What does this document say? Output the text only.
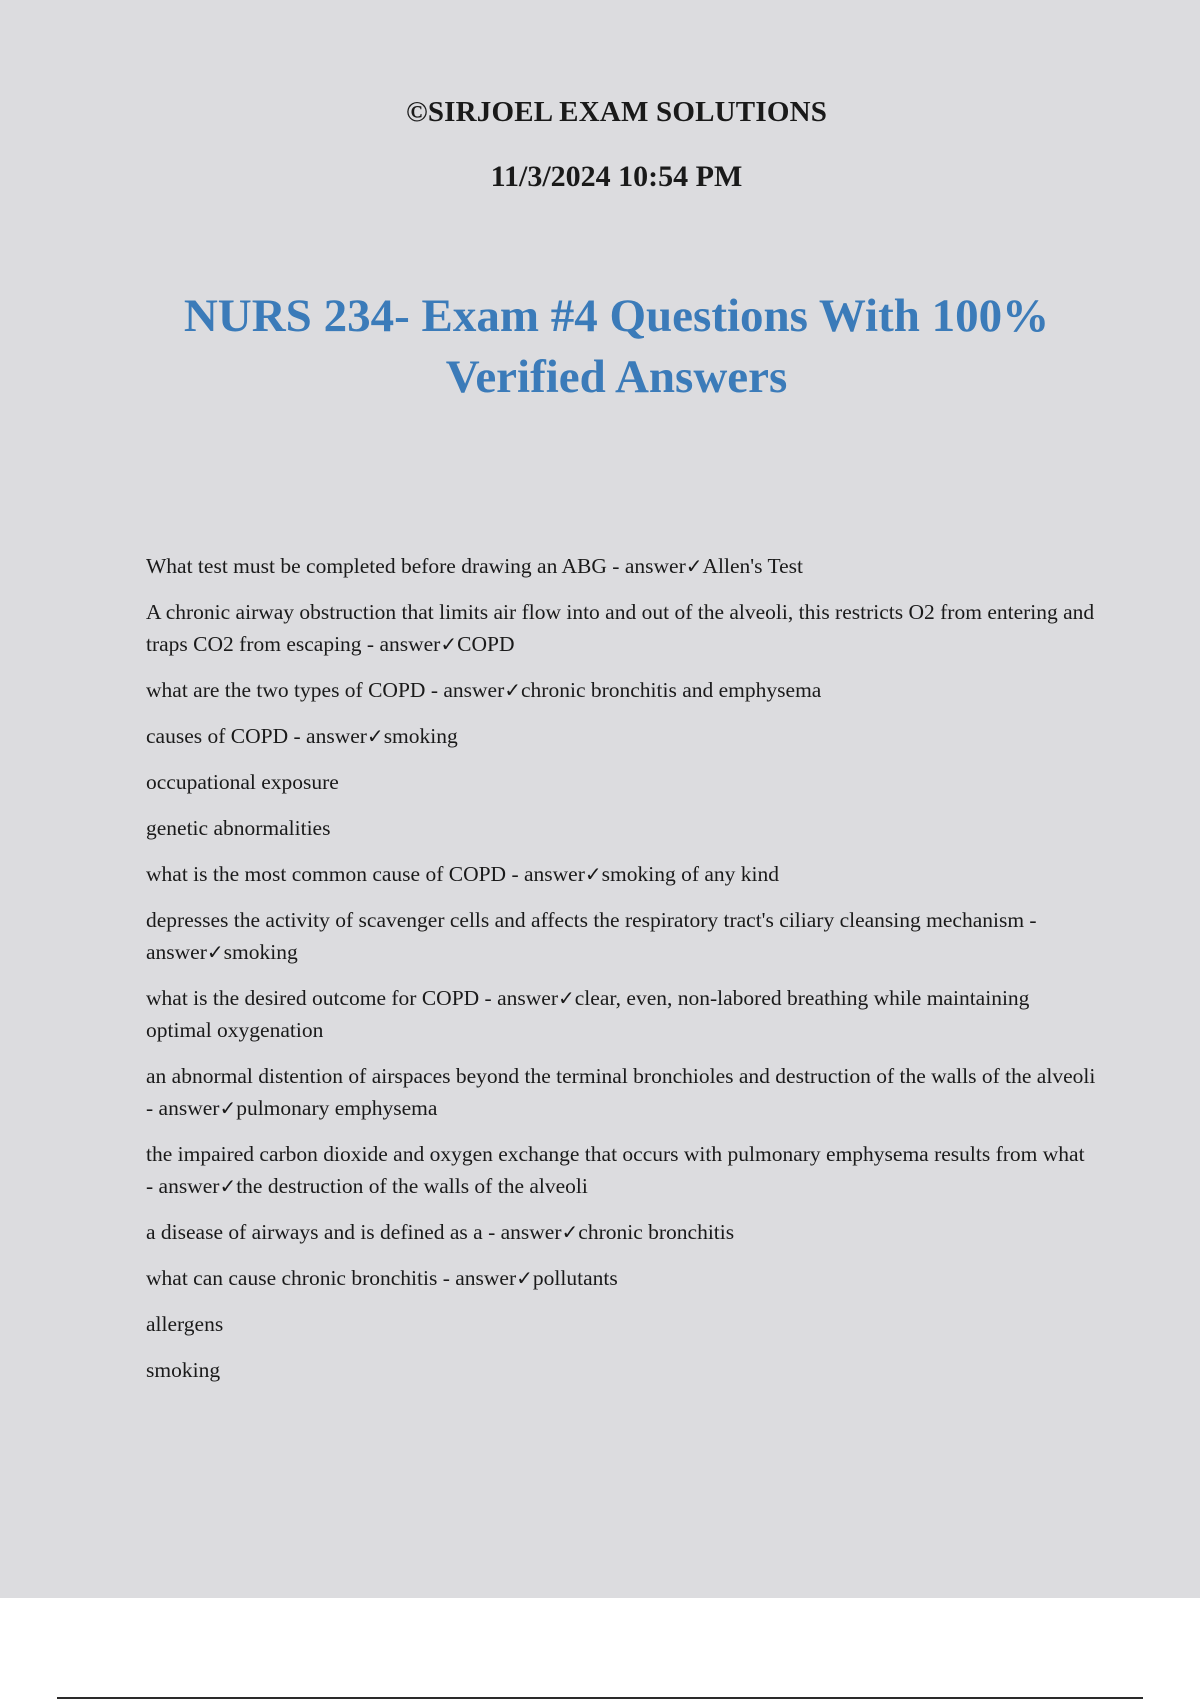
©SIRJOEL EXAM SOLUTIONS
11/3/2024 10:54 PM
NURS 234- Exam #4 Questions With 100% Verified Answers

What test must be completed before drawing an ABG - answer✓Allen's Test

A chronic airway obstruction that limits air flow into and out of the alveoli, this restricts O2 from entering and traps CO2 from escaping - answer✓COPD

what are the two types of COPD - answer✓chronic bronchitis and emphysema

causes of COPD - answer✓smoking

occupational exposure

genetic abnormalities

what is the most common cause of COPD - answer✓smoking of any kind

depresses the activity of scavenger cells and affects the respiratory tract's ciliary cleansing mechanism - answer✓smoking

what is the desired outcome for COPD - answer✓clear, even, non-labored breathing while maintaining optimal oxygenation

an abnormal distention of airspaces beyond the terminal bronchioles and destruction of the walls of the alveoli - answer✓pulmonary emphysema

the impaired carbon dioxide and oxygen exchange that occurs with pulmonary emphysema results from what - answer✓the destruction of the walls of the alveoli

a disease of airways and is defined as a - answer✓chronic bronchitis

what can cause chronic bronchitis - answer✓pollutants

allergens

smoking
